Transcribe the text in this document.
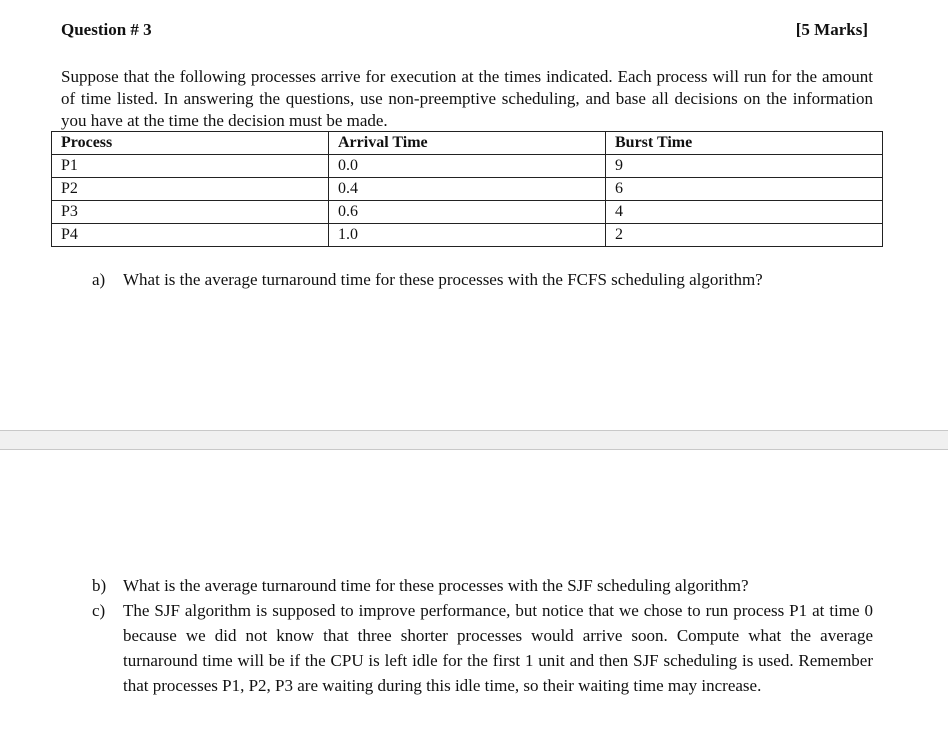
Question # 3	[5 Marks]

Suppose that the following processes arrive for execution at the times indicated. Each process will run for the amount of time listed. In answering the questions, use non-preemptive scheduling, and base all decisions on the information you have at the time the decision must be made.

Process	Arrival Time	Burst Time
P1	0.0	9
P2	0.4	6
P3	0.6	4
P4	1.0	2
a)	What is the average turnaround time for these processes with the FCFS scheduling algorithm?
b) What is the average turnaround time for these processes with the SJF scheduling algorithm?
c)	The SJF algorithm is supposed to improve performance, but notice that we chose to run process P1 at time 0 because we did not know that three shorter processes would arrive soon. Compute what the average turnaround time will be if the CPU is left idle for the first 1 unit and then SJF scheduling is used. Remember that processes P1, P2, P3 are waiting during this idle time, so their waiting time may increase.
